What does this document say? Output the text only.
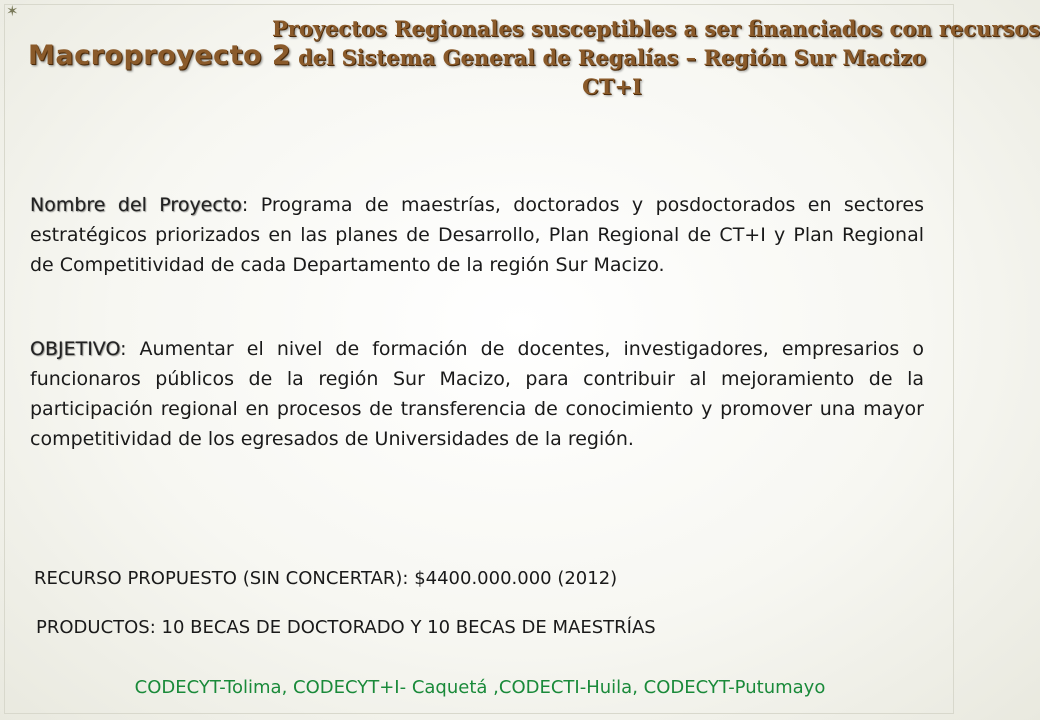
✶
Macroproyecto 2
Proyectos Regionales susceptibles a ser financiados con recursos
del Sistema General de Regalías – Región Sur Macizo
CT+I
Nombre del Proyecto: Programa de maestrías, doctorados y posdoctorados en sectores estratégicos priorizados en las planes de Desarrollo, Plan Regional de CT+I y Plan Regional de Competitividad de cada Departamento de la región Sur Macizo.
OBJETIVO: Aumentar el nivel de formación de docentes, investigadores, empresarios o funcionaros públicos de la región Sur Macizo, para contribuir al mejoramiento de la participación regional en procesos de transferencia de conocimiento y promover una mayor competitividad de los egresados de Universidades de la región.
RECURSO PROPUESTO (SIN CONCERTAR): $4400.000.000 (2012)
PRODUCTOS: 10 BECAS DE DOCTORADO Y 10 BECAS DE MAESTRÍAS
CODECYT-Tolima, CODECYT+I- Caquetá ,CODECTI-Huila, CODECYT-Putumayo
